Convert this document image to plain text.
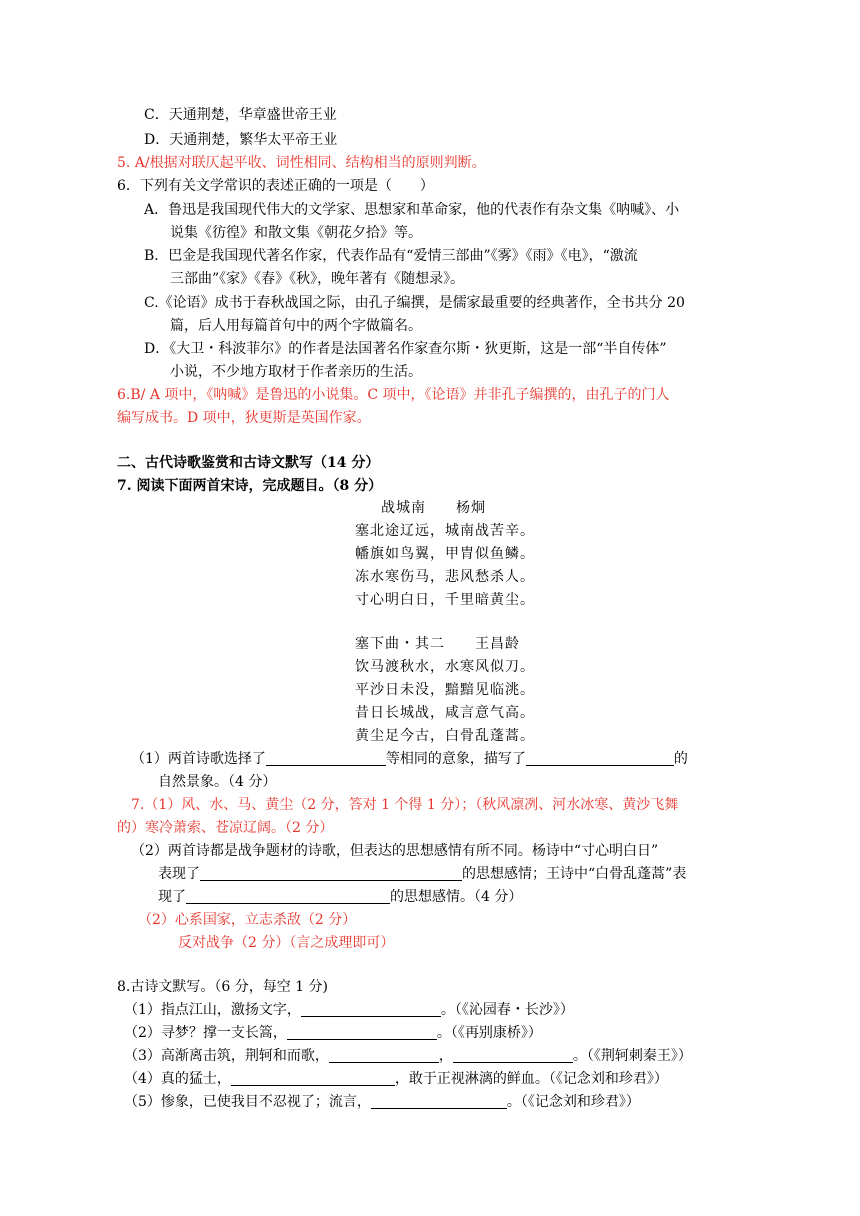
C．天通荆楚，华章盛世帝王业
D．天通荆楚，繁华太平帝王业
5. A/根据对联仄起平收、词性相同、结构相当的原则判断。
6．下列有关文学常识的表述正确的一项是（　　）
A．鲁迅是我国现代伟大的文学家、思想家和革命家，他的代表作有杂文集《呐喊》、小
说集《彷徨》和散文集《朝花夕拾》等。
B．巴金是我国现代著名作家，代表作品有“爱情三部曲”《雾》《雨》《电》，“激流
三部曲”《家》《春》《秋》，晚年著有《随想录》。
C.《论语》成书于春秋战国之际，由孔子编撰，是儒家最重要的经典著作，全书共分 20
篇，后人用每篇首句中的两个字做篇名。
D．《大卫・科波菲尔》的作者是法国著名作家查尔斯・狄更斯，这是一部“半自传体”
小说，不少地方取材于作者亲历的生活。
6.B/ A 项中，《呐喊》是鲁迅的小说集。C 项中，《论语》并非孔子编撰的，由孔子的门人
编写成书。D 项中，狄更斯是英国作家。
二、古代诗歌鉴赏和古诗文默写（14 分）
7. 阅读下面两首宋诗，完成题目。（8 分）
战城南　　杨炯
塞北途辽远，城南战苦辛。
幡旗如鸟翼，甲胄似鱼鳞。
冻水寒伤马，悲风愁杀人。
寸心明白日，千里暗黄尘。
塞下曲・其二　　王昌龄
饮马渡秋水，水寒风似刀。
平沙日未没，黯黯见临洮。
昔日长城战，咸言意气高。
黄尘足今古，白骨乱蓬蒿。
（1）两首诗歌选择了	等相同的意象，描写了	的
自然景象。（4 分）
7.（1）风、水、马、黄尘（2 分，答对 1 个得 1 分）；（秋风凛冽、河水冰寒、黄沙飞舞
的）寒冷萧索、苍凉辽阔。（2 分）
（2）两首诗都是战争题材的诗歌，但表达的思想感情有所不同。杨诗中“寸心明白日”
表现了	的思想感情；王诗中“白骨乱蓬蒿”表
现了	的思想感情。（4 分）
（2）心系国家，立志杀敌（2 分）
反对战争（2 分）（言之成理即可）
8.古诗文默写。（6 分，每空 1 分)
（1）指点江山，激扬文字，	。（《沁园春・长沙》）
（2）寻梦？撑一支长篙，	。（《再别康桥》）
（3）高渐离击筑，荆轲和而歌，	，	。（《荆轲刺秦王》）
（4）真的猛士，	，敢于正视淋漓的鲜血。（《记念刘和珍君》）
（5）惨象，已使我目不忍视了；流言，	。（《记念刘和珍君》）
